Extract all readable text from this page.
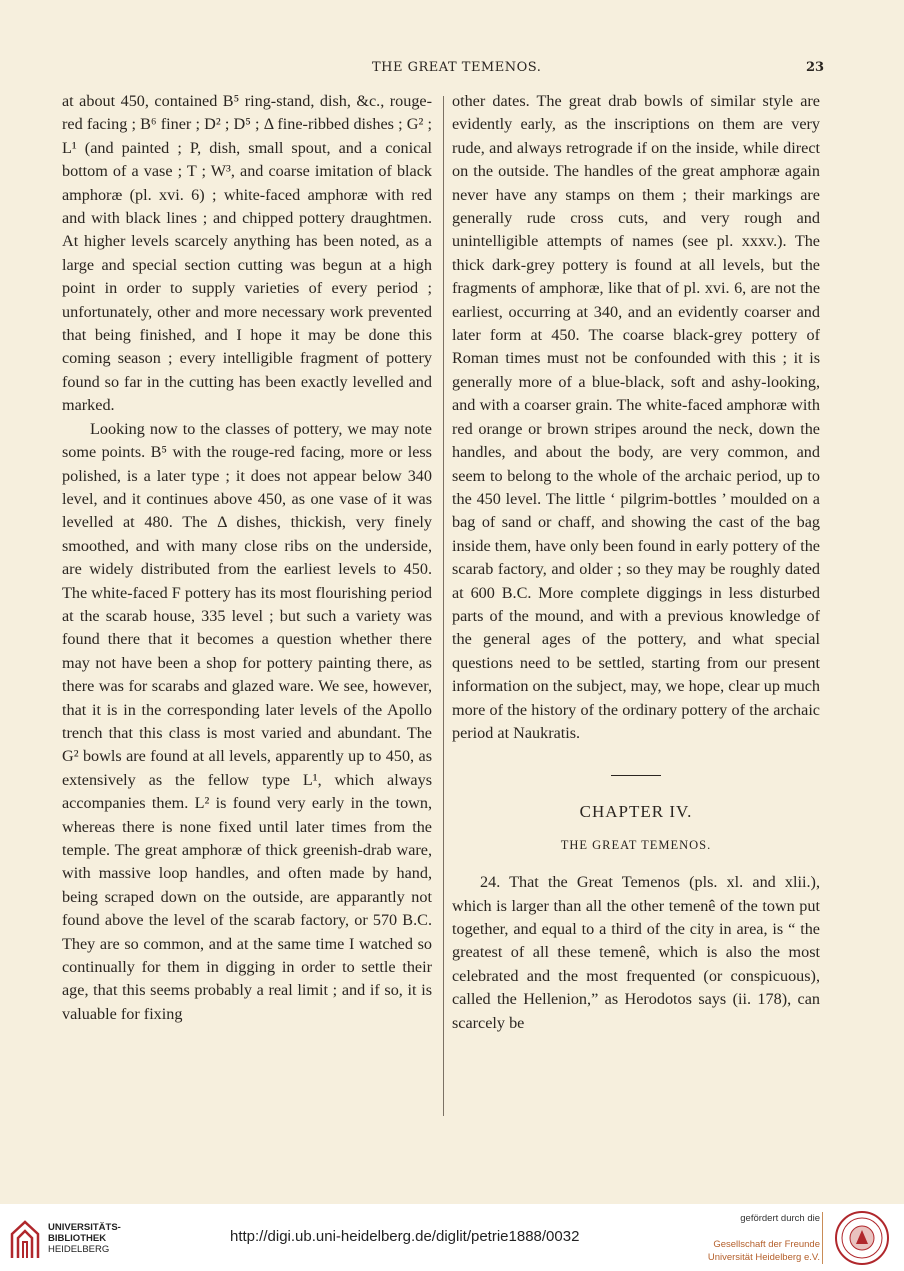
THE GREAT TEMENOS.	23

at about 450, contained B⁵ ring-stand, dish, &c., rouge-red facing ; B⁶ finer ; D² ; D⁵ ; Δ fine-ribbed dishes ; G² ; L¹ (and painted ; P, dish, small spout, and a conical bottom of a vase ; T ; W³, and coarse imitation of black amphoræ (pl. xvi. 6) ; white-faced amphoræ with red and with black lines ; and chipped pottery draughtmen. At higher levels scarcely anything has been noted, as a large and special section cutting was begun at a high point in order to supply varieties of every period ; unfortunately, other and more necessary work prevented that being finished, and I hope it may be done this coming season ; every intelligible fragment of pottery found so far in the cutting has been exactly levelled and marked.

Looking now to the classes of pottery, we may note some points. B⁵ with the rouge-red facing, more or less polished, is a later type ; it does not appear below 340 level, and it continues above 450, as one vase of it was levelled at 480. The Δ dishes, thickish, very finely smoothed, and with many close ribs on the underside, are widely distributed from the earliest levels to 450. The white-faced F pottery has its most flourishing period at the scarab house, 335 level ; but such a variety was found there that it becomes a question whether there may not have been a shop for pottery painting there, as there was for scarabs and glazed ware. We see, however, that it is in the corresponding later levels of the Apollo trench that this class is most varied and abundant. The G² bowls are found at all levels, apparently up to 450, as extensively as the fellow type L¹, which always accompanies them. L² is found very early in the town, whereas there is none fixed until later times from the temple. The great amphoræ of thick greenish-drab ware, with massive loop handles, and often made by hand, being scraped down on the outside, are apparantly not found above the level of the scarab factory, or 570 B.C. They are so common, and at the same time I watched so continually for them in digging in order to settle their age, that this seems probably a real limit ; and if so, it is valuable for fixing

other dates. The great drab bowls of similar style are evidently early, as the inscriptions on them are very rude, and always retrograde if on the inside, while direct on the outside. The handles of the great amphoræ again never have any stamps on them ; their markings are generally rude cross cuts, and very rough and unintelligible attempts of names (see pl. xxxv.). The thick dark-grey pottery is found at all levels, but the fragments of amphoræ, like that of pl. xvi. 6, are not the earliest, occurring at 340, and an evidently coarser and later form at 450. The coarse black-grey pottery of Roman times must not be confounded with this ; it is generally more of a blue-black, soft and ashy-looking, and with a coarser grain. The white-faced amphoræ with red orange or brown stripes around the neck, down the handles, and about the body, are very common, and seem to belong to the whole of the archaic period, up to the 450 level. The little ‘ pilgrim-bottles ’ moulded on a bag of sand or chaff, and showing the cast of the bag inside them, have only been found in early pottery of the scarab factory, and older ; so they may be roughly dated at 600 B.C. More complete diggings in less disturbed parts of the mound, and with a previous knowledge of the general ages of the pottery, and what special questions need to be settled, starting from our present information on the subject, may, we hope, clear up much more of the history of the ordinary pottery of the archaic period at Naukratis.

CHAPTER IV.
THE GREAT TEMENOS.

24. That the Great Temenos (pls. xl. and xlii.), which is larger than all the other temenê of the town put together, and equal to a third of the city in area, is “ the greatest of all these temenê, which is also the most celebrated and the most frequented (or conspicuous), called the Hellenion,” as Herodotos says (ii. 178), can scarcely be

UNIVERSITÄTS-
BIBLIOTHEK
HEIDELBERG
http://digi.ub.uni-heidelberg.de/diglit/petrie1888/0032
gefördert durch die

Gesellschaft der Freunde
Universität Heidelberg e.V.
